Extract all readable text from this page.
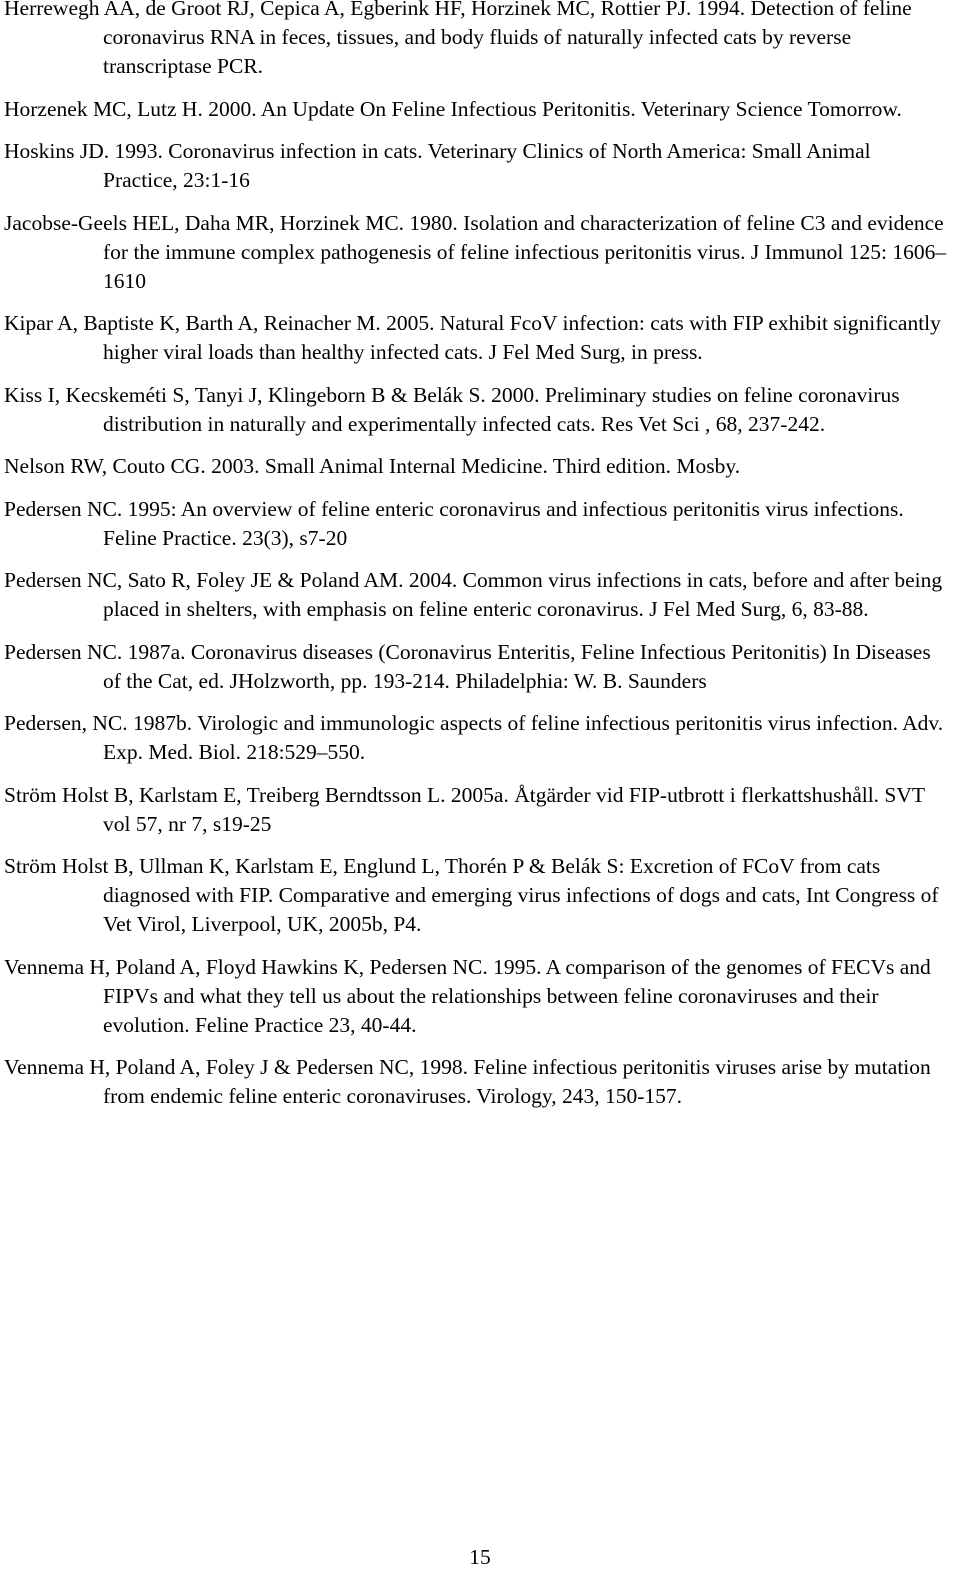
Herrewegh AA, de Groot RJ, Cepica A, Egberink HF, Horzinek MC, Rottier PJ. 1994. Detection of feline coronavirus RNA in feces, tissues, and body fluids of naturally infected cats by reverse transcriptase PCR.

Horzenek MC, Lutz H. 2000. An Update On Feline Infectious Peritonitis. Veterinary Science Tomorrow.

Hoskins JD. 1993. Coronavirus infection in cats. Veterinary Clinics of North America: Small Animal Practice, 23:1-16

Jacobse-Geels HEL, Daha MR, Horzinek MC. 1980. Isolation and characterization of feline C3 and evidence for the immune complex pathogenesis of feline infectious peritonitis virus. J Immunol 125: 1606–1610

Kipar A, Baptiste K, Barth A, Reinacher M. 2005. Natural FcoV infection: cats with FIP exhibit significantly higher viral loads than healthy infected cats. J Fel Med Surg, in press.

Kiss I, Kecskeméti S, Tanyi J, Klingeborn B & Belák S. 2000. Preliminary studies on feline coronavirus distribution in naturally and experimentally infected cats. Res Vet Sci , 68, 237-242.

Nelson RW, Couto CG. 2003. Small Animal Internal Medicine. Third edition. Mosby.

Pedersen NC. 1995: An overview of feline enteric coronavirus and infectious peritonitis virus infections. Feline Practice. 23(3), s7-20

Pedersen NC, Sato R, Foley JE & Poland AM. 2004. Common virus infections in cats, before and after being placed in shelters, with emphasis on feline enteric coronavirus. J Fel Med Surg, 6, 83-88.

Pedersen NC. 1987a. Coronavirus diseases (Coronavirus Enteritis, Feline Infectious Peritonitis) In Diseases of the Cat, ed. JHolzworth, pp. 193-214. Philadelphia: W. B. Saunders

Pedersen, NC. 1987b. Virologic and immunologic aspects of feline infectious peritonitis virus infection. Adv. Exp. Med. Biol. 218:529–550.

Ström Holst B, Karlstam E, Treiberg Berndtsson L. 2005a. Åtgärder vid FIP-utbrott i flerkattshushåll. SVT vol 57, nr 7, s19-25

Ström Holst B, Ullman K, Karlstam E, Englund L, Thorén P & Belák S: Excretion of FCoV from cats diagnosed with FIP. Comparative and emerging virus infections of dogs and cats, Int Congress of Vet Virol, Liverpool, UK, 2005b, P4.

Vennema H, Poland A, Floyd Hawkins K, Pedersen NC. 1995. A comparison of the genomes of FECVs and FIPVs and what they tell us about the relationships between feline coronaviruses and their evolution. Feline Practice 23, 40-44.

Vennema H, Poland A, Foley J & Pedersen NC, 1998. Feline infectious peritonitis viruses arise by mutation from endemic feline enteric coronaviruses. Virology, 243, 150-157.

15
